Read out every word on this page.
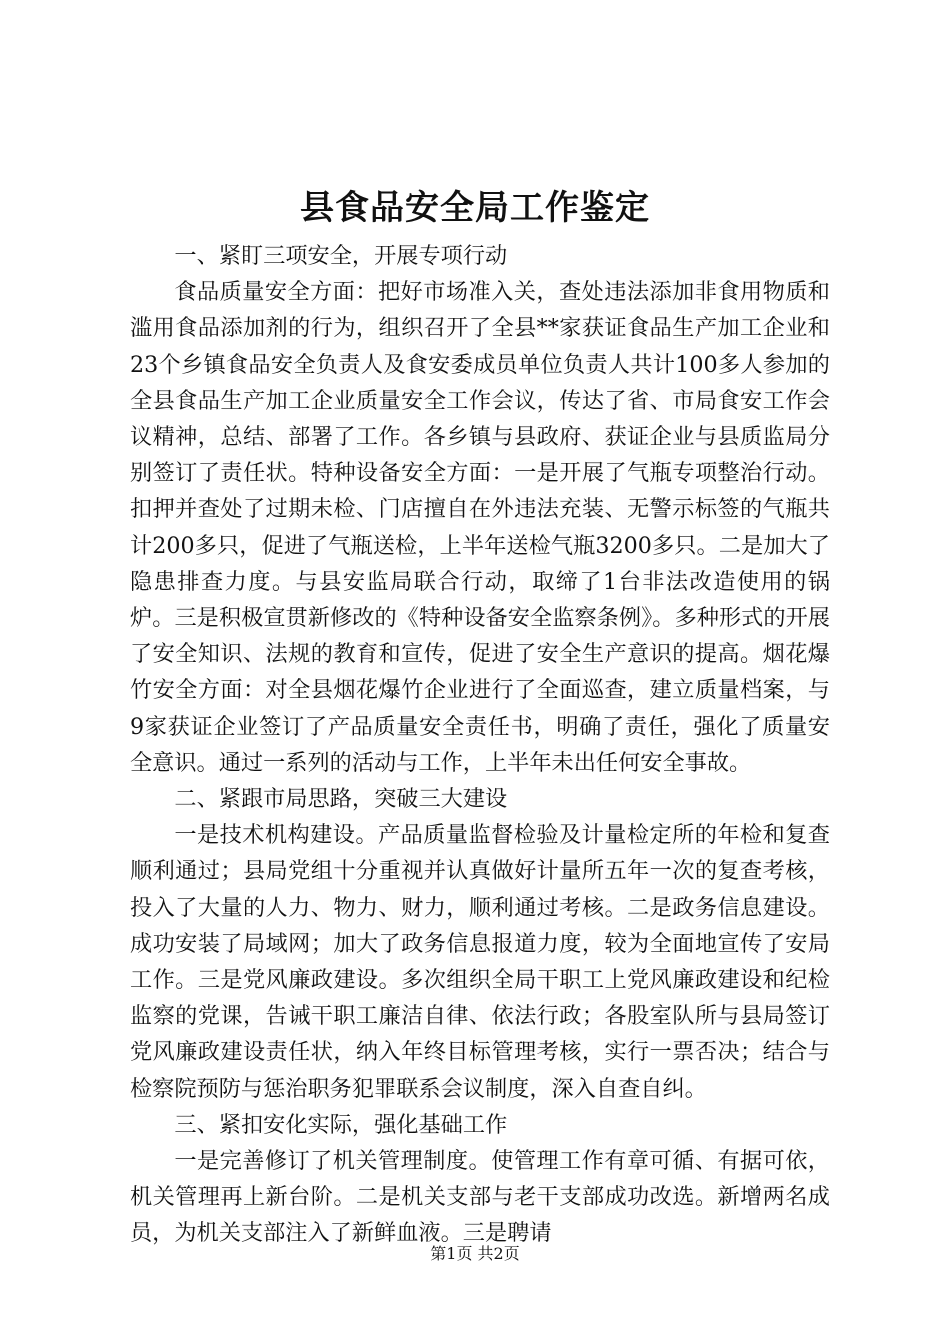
县食品安全局工作鉴定

一、紧盯三项安全，开展专项行动

食品质量安全方面：把好市场准入关，查处违法添加非食用物质和滥用食品添加剂的行为，组织召开了全县**家获证食品生产加工企业和23个乡镇食品安全负责人及食安委成员单位负责人共计100多人参加的全县食品生产加工企业质量安全工作会议，传达了省、市局食安工作会议精神，总结、部署了工作。各乡镇与县政府、获证企业与县质监局分别签订了责任状。特种设备安全方面：一是开展了气瓶专项整治行动。扣押并查处了过期未检、门店擅自在外违法充装、无警示标签的气瓶共计200多只，促进了气瓶送检，上半年送检气瓶3200多只。二是加大了隐患排查力度。与县安监局联合行动，取缔了1台非法改造使用的锅炉。三是积极宣贯新修改的《特种设备安全监察条例》。多种形式的开展了安全知识、法规的教育和宣传，促进了安全生产意识的提高。烟花爆竹安全方面：对全县烟花爆竹企业进行了全面巡查，建立质量档案，与9家获证企业签订了产品质量安全责任书，明确了责任，强化了质量安全意识。通过一系列的活动与工作，上半年未出任何安全事故。

二、紧跟市局思路，突破三大建设

一是技术机构建设。产品质量监督检验及计量检定所的年检和复查顺利通过；县局党组十分重视并认真做好计量所五年一次的复查考核，投入了大量的人力、物力、财力，顺利通过考核。二是政务信息建设。成功安装了局域网；加大了政务信息报道力度，较为全面地宣传了安局工作。三是党风廉政建设。多次组织全局干职工上党风廉政建设和纪检监察的党课，告诫干职工廉洁自律、依法行政；各股室队所与县局签订党风廉政建设责任状，纳入年终目标管理考核，实行一票否决；结合与检察院预防与惩治职务犯罪联系会议制度，深入自查自纠。

三、紧扣安化实际，强化基础工作

一是完善修订了机关管理制度。使管理工作有章可循、有据可依，机关管理再上新台阶。二是机关支部与老干支部成功改选。新增两名成员，为机关支部注入了新鲜血液。三是聘请

第1页 共2页
